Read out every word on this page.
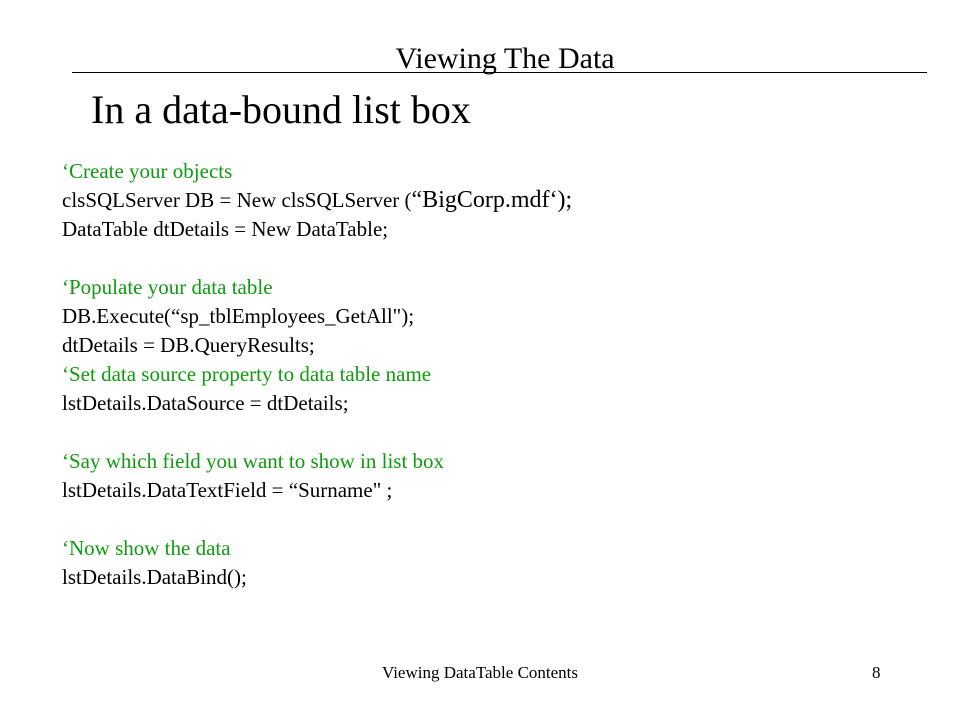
Viewing The Data
In a data-bound list box
‘Create your objects
clsSQLServer DB = New clsSQLServer (“BigCorp.mdf‘);
DataTable dtDetails = New DataTable;
‘Populate your data table
DB.Execute(“sp_tblEmployees_GetAll");
dtDetails = DB.QueryResults;
‘Set data source property to data table name
lstDetails.DataSource = dtDetails;
‘Say which field you want to show in list box
lstDetails.DataTextField = “Surname" ;
‘Now show the data
lstDetails.DataBind();
Viewing DataTable Contents	8
